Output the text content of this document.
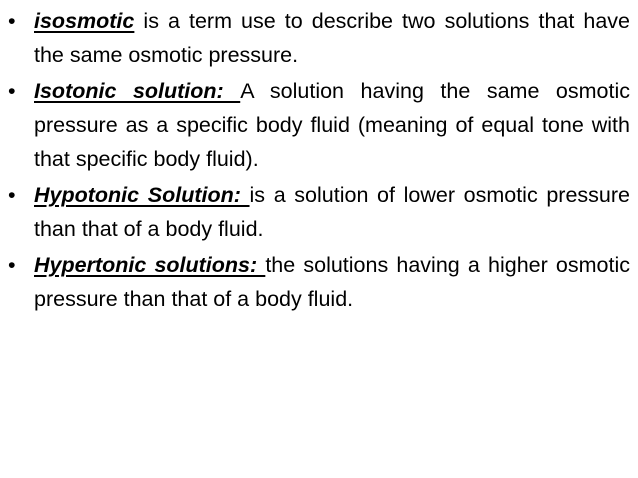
• isosmotic is a term use to describe two solutions that have the same osmotic pressure.
• Isotonic solution: A solution having the same osmotic pressure as a specific body fluid (meaning of equal tone with that specific body fluid).
• Hypotonic Solution: is a solution of lower osmotic pressure than that of a body fluid.
• Hypertonic solutions: the solutions having a higher osmotic pressure than that of a body fluid.
